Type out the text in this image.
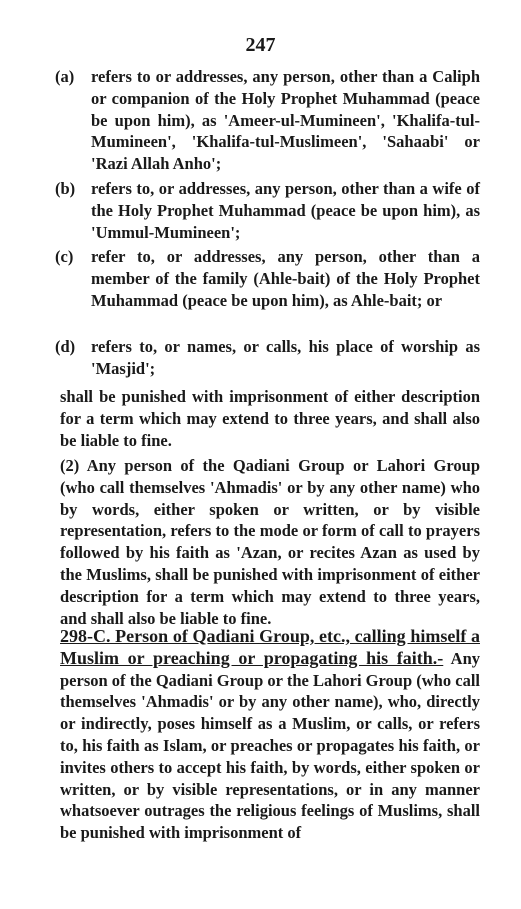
247
(a) refers to or addresses, any person, other than a Caliph or companion of the Holy Prophet Muhammad (peace be upon him), as 'Ameer-ul-Mumineen', 'Khalifa-tul-Mumineen', 'Khalifa-tul-Muslimeen', 'Sahaabi' or 'Razi Allah Anho';
(b) refers to, or addresses, any person, other than a wife of the Holy Prophet Muhammad (peace be upon him), as 'Ummul-Mumineen';
(c) refer to, or addresses, any person, other than a member of the family (Ahle-bait) of the Holy Prophet Muhammad (peace be upon him), as Ahle-bait; or
(d) refers to, or names, or calls, his place of worship as 'Masjid';
shall be punished with imprisonment of either description for a term which may extend to three years, and shall also be liable to fine.
(2) Any person of the Qadiani Group or Lahori Group (who call themselves 'Ahmadis' or by any other name) who by words, either spoken or written, or by visible representation, refers to the mode or form of call to prayers followed by his faith as 'Azan, or recites Azan as used by the Muslims, shall be punished with imprisonment of either description for a term which may extend to three years, and shall also be liable to fine.
298-C. Person of Qadiani Group, etc., calling himself a Muslim or preaching or propagating his faith.- Any person of the Qadiani Group or the Lahori Group (who call themselves 'Ahmadis' or by any other name), who, directly or indirectly, poses himself as a Muslim, or calls, or refers to, his faith as Islam, or preaches or propagates his faith, or invites others to accept his faith, by words, either spoken or written, or by visible representations, or in any manner whatsoever outrages the religious feelings of Muslims, shall be punished with imprisonment of
